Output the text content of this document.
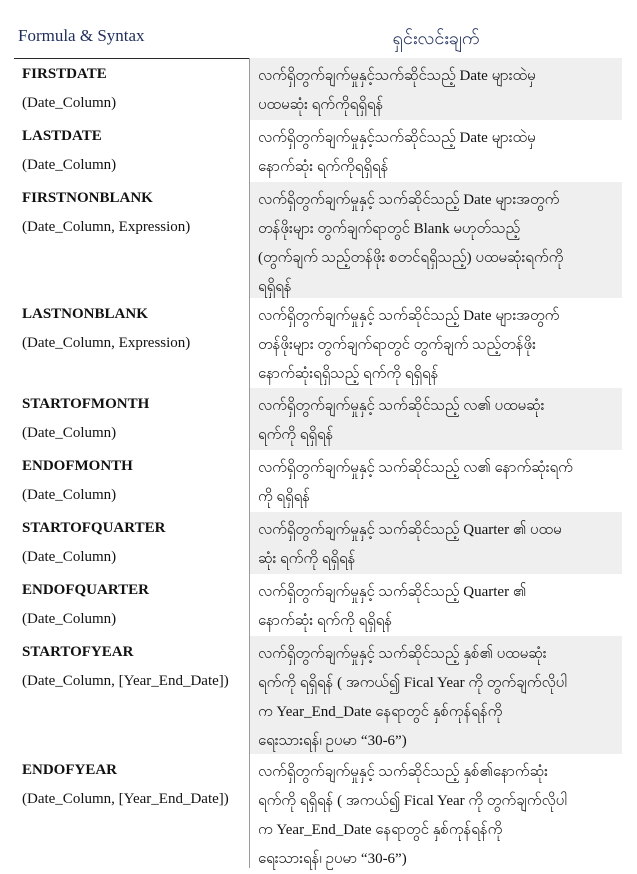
Formula & Syntax	ရှင်းလင်းချက်
FIRSTDATE
(Date_Column)
လက်ရှိတွက်ချက်မှုနှင့်သက်ဆိုင်သည့် Date များထဲမှ
ပထမဆုံး ရက်ကိုရရှိရန်
LASTDATE
(Date_Column)
လက်ရှိတွက်ချက်မှုနှင့်သက်ဆိုင်သည့် Date များထဲမှ
နောက်ဆုံး ရက်ကိုရရှိရန်
FIRSTNONBLANK
(Date_Column, Expression)
လက်ရှိတွက်ချက်မှုနှင့် သက်ဆိုင်သည့် Date များအတွက်
တန်ဖိုးများ တွက်ချက်ရာတွင် Blank မဟုတ်သည့်
(တွက်ချက် သည့်တန်ဖိုး စတင်ရရှိသည့်) ပထမဆုံးရက်ကို
ရရှိရန်
LASTNONBLANK
(Date_Column, Expression)
လက်ရှိတွက်ချက်မှုနှင့် သက်ဆိုင်သည့် Date များအတွက်
တန်ဖိုးများ တွက်ချက်ရာတွင် တွက်ချက် သည့်တန်ဖိုး
နောက်ဆုံးရရှိသည့် ရက်ကို ရရှိရန်
STARTOFMONTH
(Date_Column)
လက်ရှိတွက်ချက်မှုနှင့် သက်ဆိုင်သည့် လ၏ ပထမဆုံး
ရက်ကို ရရှိရန်
ENDOFMONTH
(Date_Column)
လက်ရှိတွက်ချက်မှုနှင့် သက်ဆိုင်သည့် လ၏ နောက်ဆုံးရက်
ကို ရရှိရန်
STARTOFQUARTER
(Date_Column)
လက်ရှိတွက်ချက်မှုနှင့် သက်ဆိုင်သည့် Quarter ၏ ပထမ
ဆုံး ရက်ကို ရရှိရန်
ENDOFQUARTER
(Date_Column)
လက်ရှိတွက်ချက်မှုနှင့် သက်ဆိုင်သည့် Quarter ၏
နောက်ဆုံး ရက်ကို ရရှိရန်
STARTOFYEAR
(Date_Column, [Year_End_Date])
လက်ရှိတွက်ချက်မှုနှင့် သက်ဆိုင်သည့် နှစ်၏ ပထမဆုံး
ရက်ကို ရရှိရန် ( အကယ်၍ Fical Year ကို တွက်ချက်လိုပါ
က Year_End_Date နေရာတွင် နှစ်ကုန်ရန်ကို
ရေးသားရန်၊ ဥပမာ “30-6”)
ENDOFYEAR
(Date_Column, [Year_End_Date])
လက်ရှိတွက်ချက်မှုနှင့် သက်ဆိုင်သည့် နှစ်၏နောက်ဆုံး
ရက်ကို ရရှိရန် ( အကယ်၍ Fical Year ကို တွက်ချက်လိုပါ
က Year_End_Date နေရာတွင် နှစ်ကုန်ရန်ကို
ရေးသားရန်၊ ဥပမာ “30-6”)
